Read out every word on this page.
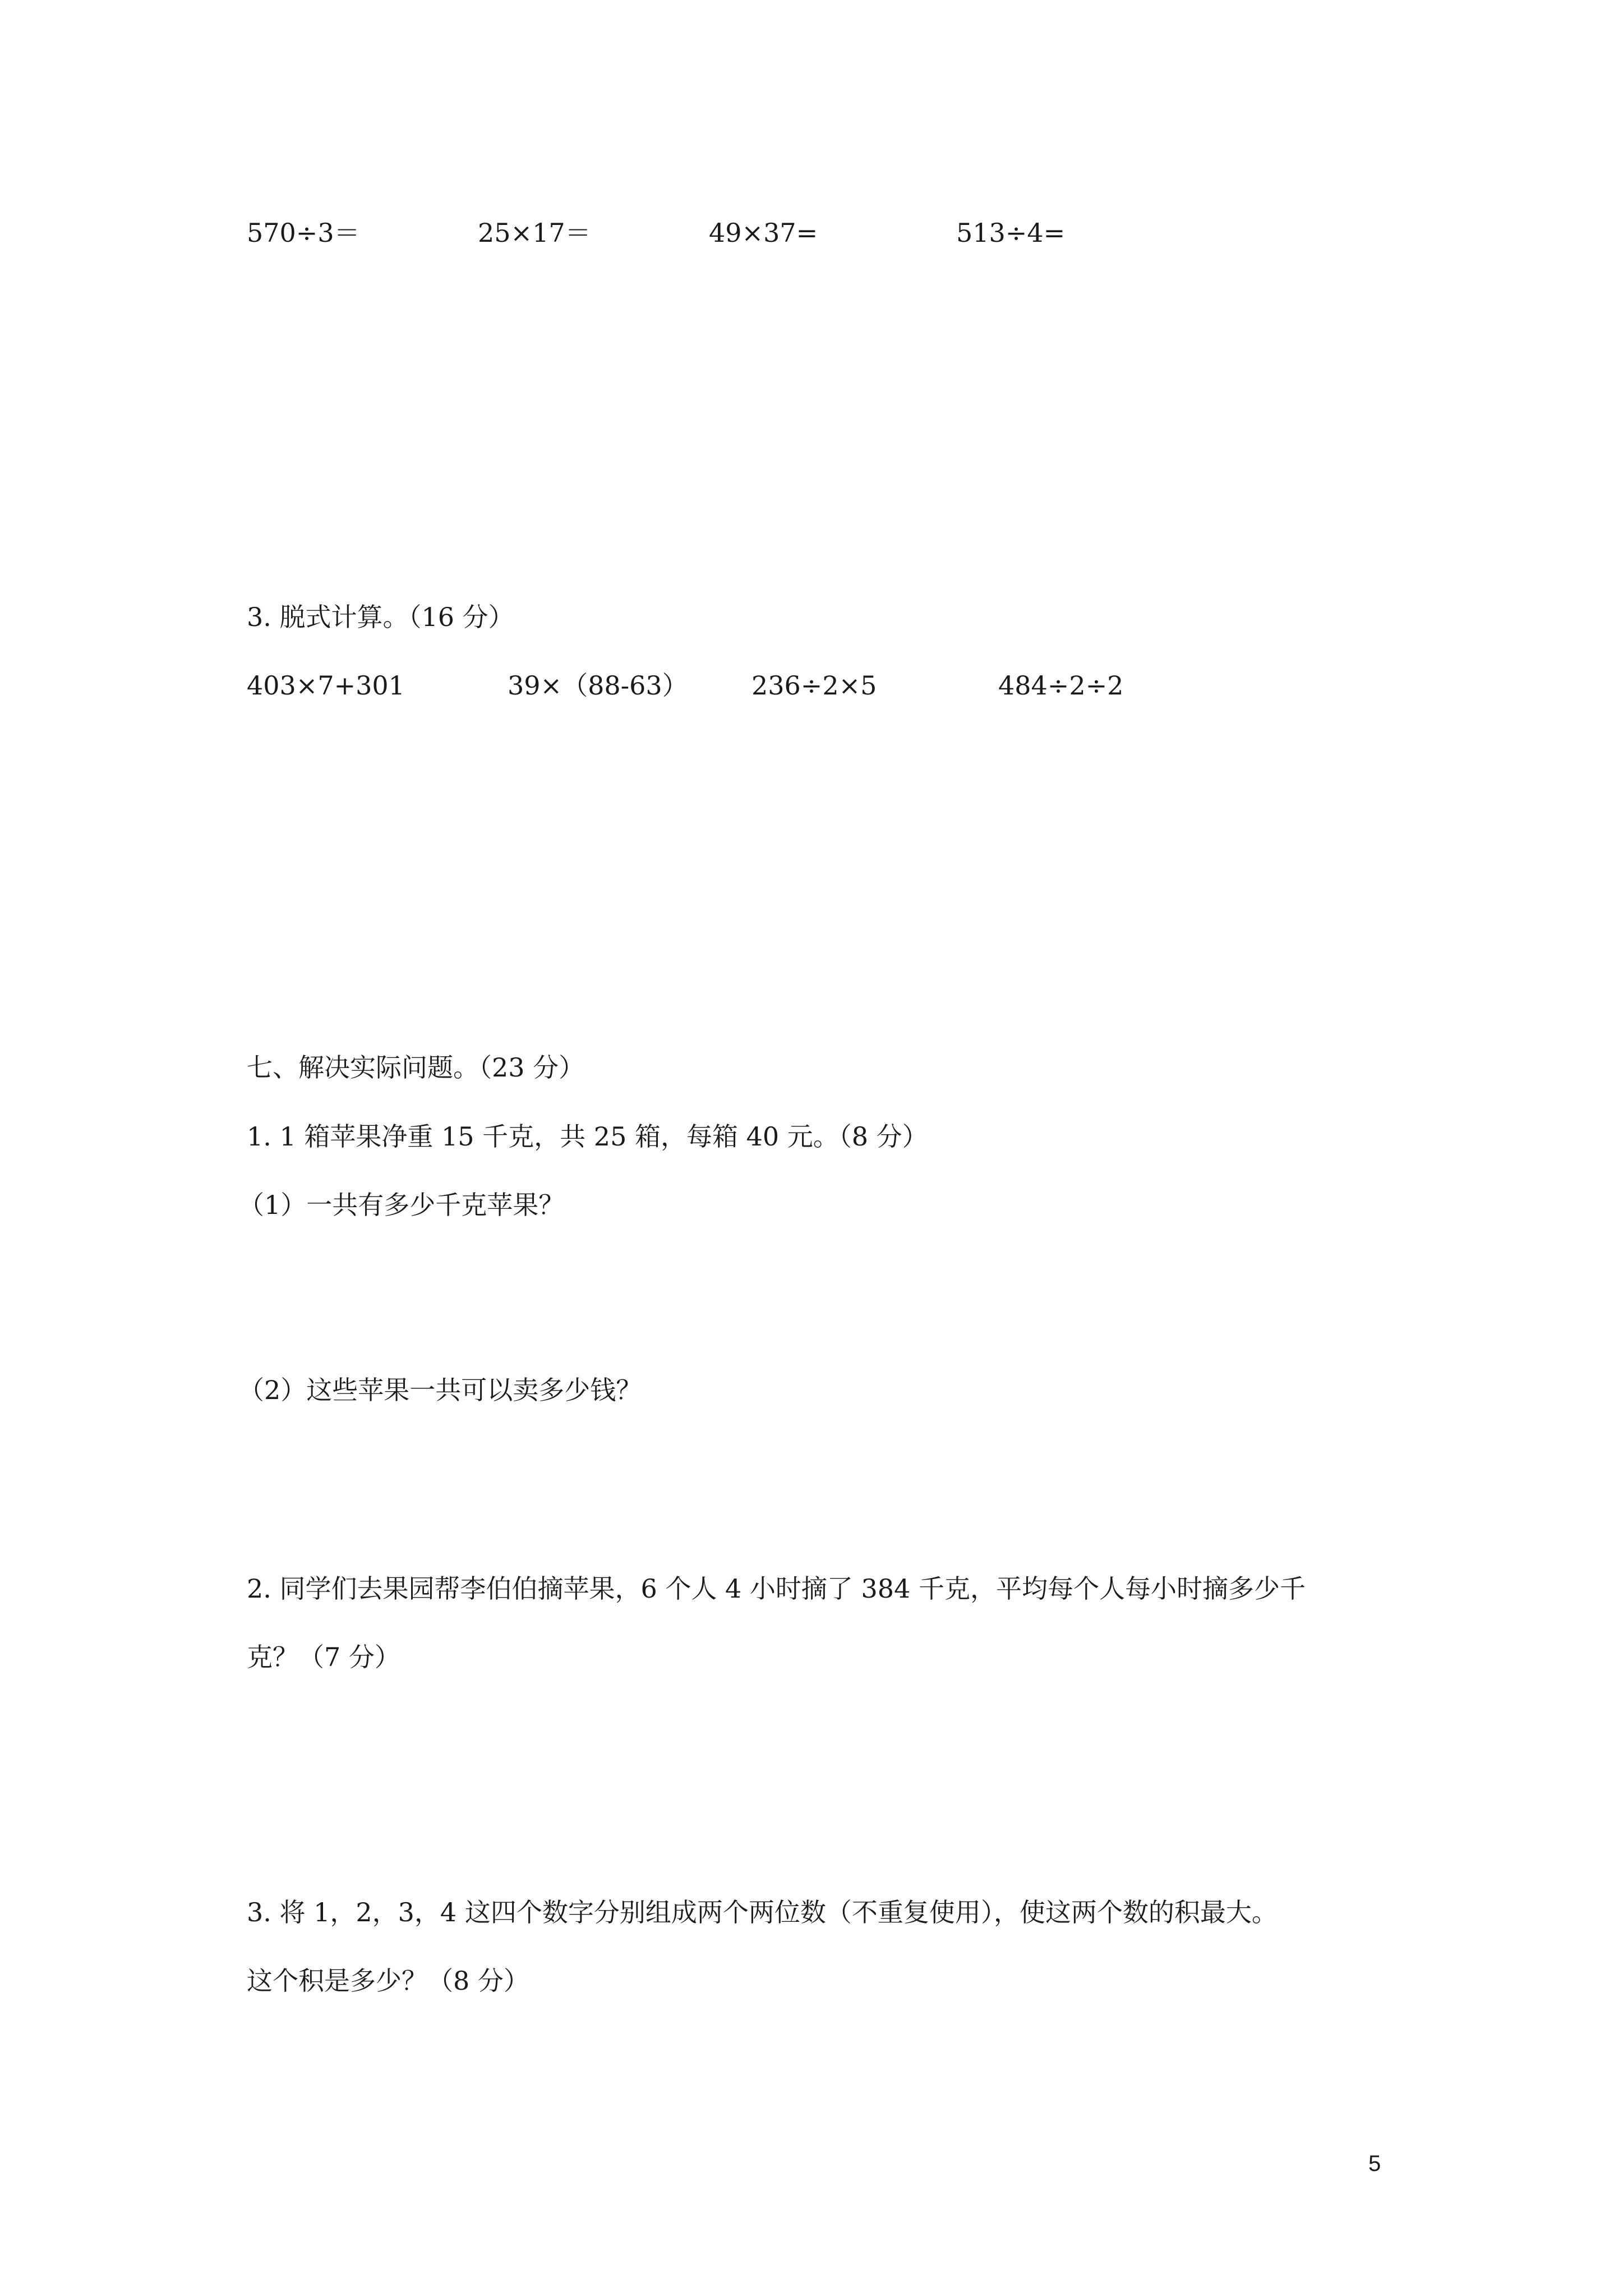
570÷3＝	25×17＝	49×37=	513÷4=
3. 脱式计算。（16 分）
403×7+301	39×（88-63） 236÷2×5	484÷2÷2
七、解决实际问题。（23 分）
1. 1 箱苹果净重 15 千克，共 25 箱，每箱 40 元。（8 分）
（1）一共有多少千克苹果？
（2）这些苹果一共可以卖多少钱？
2. 同学们去果园帮李伯伯摘苹果，6 个人 4 小时摘了 384 千克，平均每个人每小时摘多少千
克？（7 分）
3. 将 1，2，3，4 这四个数字分别组成两个两位数（不重复使用），使这两个数的积最大。
这个积是多少？（8 分）
5
